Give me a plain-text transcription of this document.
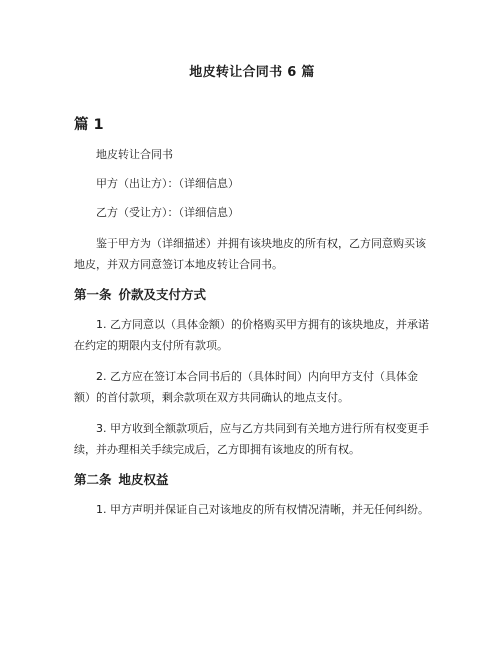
地皮转让合同书 6 篇
篇 1

地皮转让合同书

甲方（出让方）：（详细信息）

乙方（受让方）：（详细信息）

鉴于甲方为（详细描述）并拥有该块地皮的所有权，乙方同意购买该地皮，并双方同意签订本地皮转让合同书。

第一条 价款及支付方式

1. 乙方同意以（具体金额）的价格购买甲方拥有的该块地皮，并承诺在约定的期限内支付所有款项。

2. 乙方应在签订本合同书后的（具体时间）内向甲方支付（具体金额）的首付款项，剩余款项在双方共同确认的地点支付。

3. 甲方收到全额款项后，应与乙方共同到有关地方进行所有权变更手续，并办理相关手续完成后，乙方即拥有该地皮的所有权。

第二条 地皮权益

1. 甲方声明并保证自己对该地皮的所有权情况清晰，并无任何纠纷。
